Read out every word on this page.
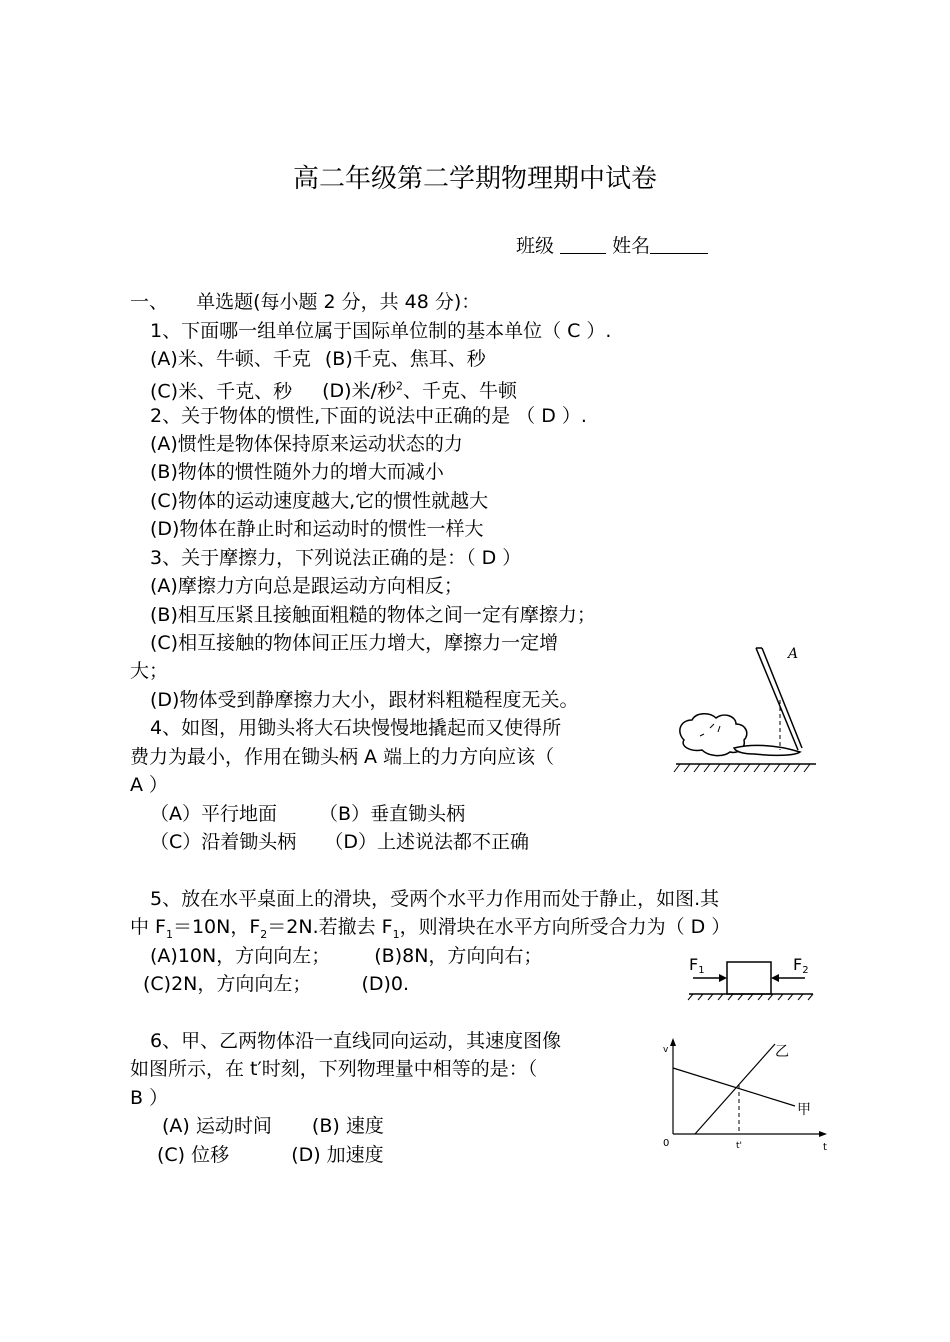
高二年级第二学期物理期中试卷
班级	姓名
一、 单选题(每小题 2 分，共 48 分)：
1、下面哪一组单位属于国际单位制的基本单位（ C ）.
(A)米、牛顿、千克 (B)千克、焦耳、秒
(C)米、千克、秒 (D)米/秒$^2$、千克、牛顿
2、关于物体的惯性,下面的说法中正确的是 （ D ）.
(A)惯性是物体保持原来运动状态的力
(B)物体的惯性随外力的增大而减小
(C)物体的运动速度越大,它的惯性就越大
(D)物体在静止时和运动时的惯性一样大
3、关于摩擦力，下列说法正确的是：（ D ）
(A)摩擦力方向总是跟运动方向相反；
(B)相互压紧且接触面粗糙的物体之间一定有摩擦力；
(C)相互接触的物体间正压力增大，摩擦力一定增
大；
(D)物体受到静摩擦力大小，跟材料粗糙程度无关。
4、如图，用锄头将大石块慢慢地撬起而又使得所
费力为最小，作用在锄头柄 A 端上的力方向应该（
A ）
（A）平行地面 （B）垂直锄头柄
（C）沿着锄头柄 （D）上述说法都不正确
A
5、放在水平桌面上的滑块，受两个水平力作用而处于静止，如图.其
中 $F_1=10N$，$F_2=2N$.若撤去 $F_1$，则滑块在水平方向所受合力为（ D ）
(A)10N，方向向左； (B)8N，方向向右；
(C)2N，方向向左；	(D)0.
F1	F2
6、甲、乙两物体沿一直线同向运动，其速度图像
如图所示，在 t′时刻，下列物理量中相等的是：（
B ）
(A) 运动时间 (B) 速度
(C) 位移	(D) 加速度
v
0	t
t'
甲
乙
